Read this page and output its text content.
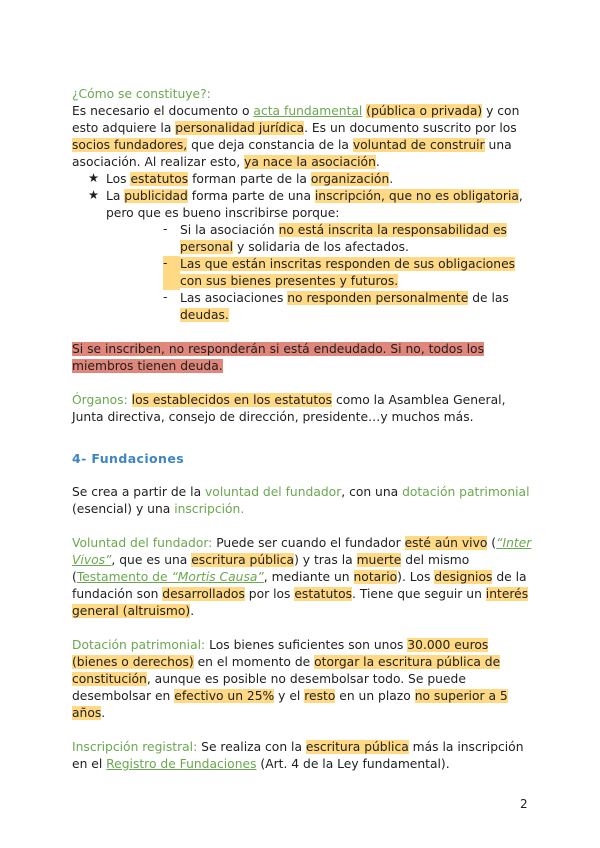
¿Cómo se constituye?:

Es necesario el documento o acta fundamental (pública o privada) y con esto adquiere la personalidad jurídica. Es un documento suscrito por los socios fundadores, que deja constancia de la voluntad de construir una asociación. Al realizar esto, ya nace la asociación.

★ Los estatutos forman parte de la organización.

★ La publicidad forma parte de una inscripción, que no es obligatoria, pero que es bueno inscribirse porque:

-	Si la asociación no está inscrita la responsabilidad es personal y solidaria de los afectados.

-	Las que están inscritas responden de sus obligaciones con sus bienes presentes y futuros.

-	Las asociaciones no responden personalmente de las deudas.

Si se inscriben, no responderán si está endeudado. Si no, todos los miembros tienen deuda.

Órganos: los establecidos en los estatutos como la Asamblea General, Junta directiva, consejo de dirección, presidente…y muchos más.

4- Fundaciones

Se crea a partir de la voluntad del fundador, con una dotación patrimonial (esencial) y una inscripción.

Voluntad del fundador: Puede ser cuando el fundador esté aún vivo (“Inter Vivos”, que es una escritura pública) y tras la muerte del mismo (Testamento de “Mortis Causa”, mediante un notario). Los designios de la fundación son desarrollados por los estatutos. Tiene que seguir un interés general (altruismo).

Dotación patrimonial: Los bienes suficientes son unos 30.000 euros (bienes o derechos) en el momento de otorgar la escritura pública de constitución, aunque es posible no desembolsar todo. Se puede desembolsar en efectivo un 25% y el resto en un plazo no superior a 5 años.

Inscripción registral: Se realiza con la escritura pública más la inscripción en el Registro de Fundaciones (Art. 4 de la Ley fundamental).

2
